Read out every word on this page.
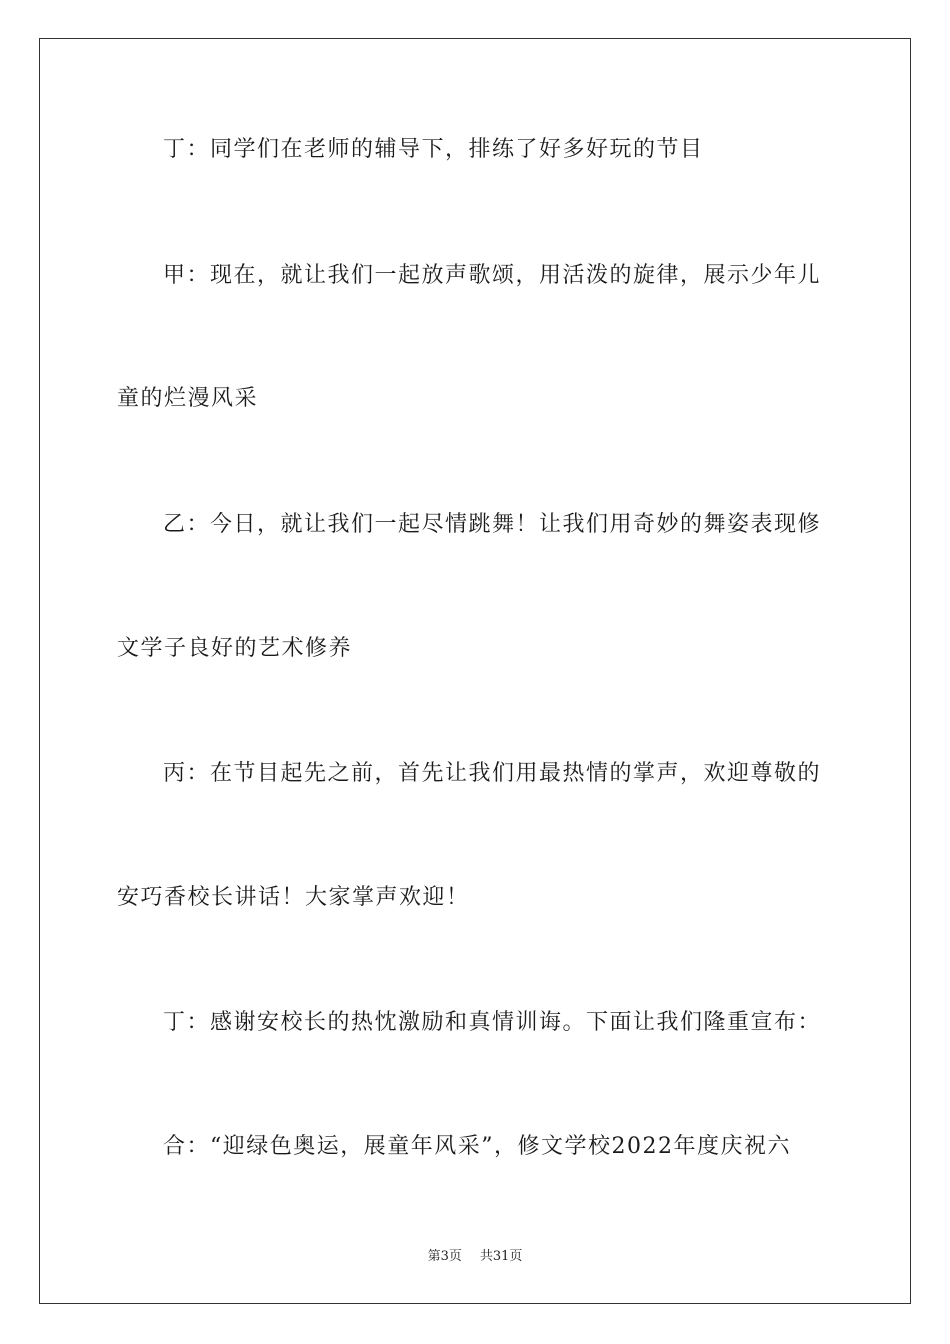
丁：同学们在老师的辅导下，排练了好多好玩的节目
甲：现在，就让我们一起放声歌颂，用活泼的旋律，展示少年儿
童的烂漫风采
乙：今日，就让我们一起尽情跳舞！让我们用奇妙的舞姿表现修
文学子良好的艺术修养
丙：在节目起先之前，首先让我们用最热情的掌声，欢迎尊敬的
安巧香校长讲话！大家掌声欢迎！
丁：感谢安校长的热忱激励和真情训诲。下面让我们隆重宣布：
合：“迎绿色奥运，展童年风采”，修文学校2022年度庆祝六
第3页 共31页
